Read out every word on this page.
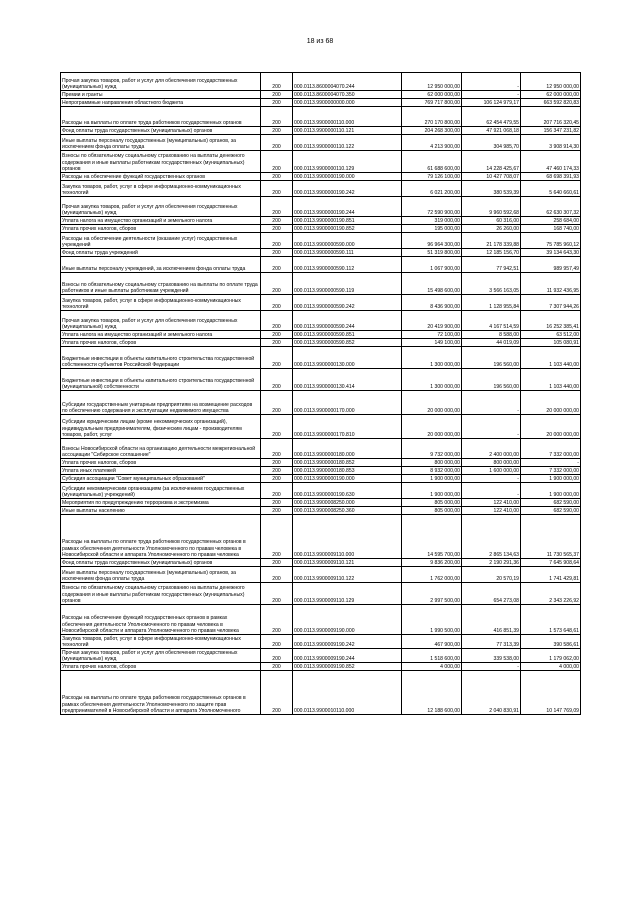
18 из 68
Прочая закупка товаров, работ и услуг для обеспечения государственных (муниципальных) нужд	200	000.0113.8600004070.244	12 950 000,00	-	12 950 000,00
Премии и гранты	200	000.0113.8600004070.350	62 000 000,00	-	62 000 000,00
Непрограммные направления областного бюджета	200	000.0113.9900000000.000	769 717 800,00	106 124 979,17	663 592 820,83
Расходы на выплаты по оплате труда работников государственных органов	200	000.0113.9900000110.000	270 170 800,00	62 454 479,55	207 716 320,45
Фонд оплаты труда государственных (муниципальных) органов	200	000.0113.9900000110.121	204 268 300,00	47 921 068,18	156 347 231,82
Иные выплаты персоналу государственных (муниципальных) органов, за исключением фонда оплаты труда	200	000.0113.9900000110.122	4 213 900,00	304 985,70	3 908 914,30
Взносы по обязательному социальному страхованию на выплаты денежного содержания и иные выплаты работникам государственных (муниципальных) органов	200	000.0113.9900000110.129	61 688 600,00	14 228 425,67	47 460 174,33
Расходы на обеспечение функций государственных органов	200	000.0113.9900000190.000	79 126 100,00	10 427 708,07	68 698 391,93
Закупка товаров, работ, услуг в сфере информационно-коммуникационных технологий	200	000.0113.9900000190.242	6 021 200,00	380 539,39	5 640 660,61
Прочая закупка товаров, работ и услуг для обеспечения государственных (муниципальных) нужд	200	000.0113.9900000190.244	72 590 900,00	9 960 592,68	62 630 307,32
Уплата налога на имущество организаций и земельного налога	200	000.0113.9900000190.851	319 000,00	60 316,00	258 684,00
Уплата прочих налогов, сборов	200	000.0113.9900000190.852	195 000,00	26 260,00	168 740,00
Расходы на обеспечение деятельности (оказание услуг) государственных учреждений	200	000.0113.9900000590.000	96 964 300,00	21 178 339,88	75 785 960,12
Фонд оплаты труда учреждений	200	000.0113.9900000590.111	51 319 800,00	12 185 156,70	39 134 643,30
Иные выплаты персоналу учреждений, за исключением фонда оплаты труда	200	000.0113.9900000590.112	1 067 900,00	77 942,51	989 957,49
Взносы по обязательному социальному страхованию на выплаты по оплате труда работников и иные выплаты работникам учреждений	200	000.0113.9900000590.119	15 498 600,00	3 566 163,05	11 932 436,95
Закупка товаров, работ, услуг в сфере информационно-коммуникационных технологий	200	000.0113.9900000590.242	8 436 900,00	1 128 955,84	7 307 944,26
Прочая закупка товаров, работ и услуг для обеспечения государственных (муниципальных) нужд	200	000.0113.9900000590.244	20 419 900,00	4 167 514,59	16 252 385,41
Уплата налога на имущество организаций и земельного налога	200	000.0113.9900000590.851	72 100,00	8 588,00	63 512,00
Уплата прочих налогов, сборов	200	000.0113.9900000590.852	149 100,00	44 019,09	105 080,91
Бюджетные инвестиции в объекты капитального строительства государственной собственности субъектов Российской Федерации	200	000.0113.9900000130.000	1 300 000,00	196 560,00	1 103 440,00
Бюджетные инвестиции в объекты капитального строительства государственной (муниципальной) собственности	200	000.0113.9900000130.414	1 300 000,00	196 560,00	1 103 440,00
Субсидии государственным унитарным предприятиям на возмещение расходов по обеспечению содержания и эксплуатации недвижимого имущества	200	000.0113.9900000170.000	20 000 000,00	-	20 000 000,00
Субсидии юридическим лицам (кроме некоммерческих организаций), индивидуальным предпринимателям, физическим лицам - производителям товаров, работ, услуг	200	000.0113.9900000170.810	20 000 000,00	-	20 000 000,00
Взносы Новосибирской области на организацию деятельности межрегиональной ассоциации "Сибирское соглашение"	200	000.0113.9900000180.000	9 732 000,00	2 400 000,00	7 332 000,00
Уплата прочих налогов, сборов	200	000.0113.9900000180.852	800 000,00	800 000,00	-
Уплата иных платежей	200	000.0113.9900000180.853	8 932 000,00	1 600 000,00	7 332 000,00
Субсидия ассоциации "Совет муниципальных образований"	200	000.0113.9900000190.000	1 900 000,00	-	1 900 000,00
Субсидии некоммерческим организациям (за исключением государственных (муниципальных) учреждений)	200	000.0113.9900000190.630	1 900 000,00	-	1 900 000,00
Мероприятия по предупреждению терроризма и экстремизма	200	000.0113.9900008250.000	805 000,00	122 410,00	682 590,00
Иные выплаты населению	200	000.0113.9900008250.360	805 000,00	122 410,00	682 590,00
Расходы на выплаты по оплате труда работников государственных органов в рамках обеспечения деятельности Уполномоченного по правам человека в Новосибирской области и аппарата Уполномоченного по правам человека	200	000.0113.9900009110.000	14 595 700,00	2 865 134,63	11 730 565,37
Фонд оплаты труда государственных (муниципальных) органов	200	000.0113.9900009110.121	9 836 200,00	2 190 291,36	7 645 908,64
Иные выплаты персоналу государственных (муниципальных) органов, за исключением фонда оплаты труда	200	000.0113.9900009110.122	1 762 000,00	20 570,19	1 741 429,81
Взносы по обязательному социальному страхованию на выплаты денежного содержания и иные выплаты работникам государственных (муниципальных) органов	200	000.0113.9900009110.129	2 997 500,00	654 273,08	2 343 226,92
Расходы на обеспечение функций государственных органов в рамках обеспечения деятельности Уполномоченного по правам человека в Новосибирской области и аппарата Уполномоченного по правам человека	200	000.0113.9900009190.000	1 990 500,00	416 851,39	1 573 648,61
Закупка товаров, работ, услуг в сфере информационно-коммуникационных технологий	200	000.0113.9900009190.242	467 900,00	77 313,39	390 586,61
Прочая закупка товаров, работ и услуг для обеспечения государственных (муниципальных) нужд	200	000.0113.9900009190.244	1 518 600,00	339 538,00	1 179 062,00
Уплата прочих налогов, сборов	200	000.0113.9900009190.852	4 000,00	-	4 000,00
Расходы на выплаты по оплате труда работников государственных органов в рамках обеспечения деятельности Уполномоченного по защите прав предпринимателей в Новосибирской области и аппарата Уполномоченного	200	000.0113.9900010110.000	12 188 600,00	2 040 830,91	10 147 769,09
